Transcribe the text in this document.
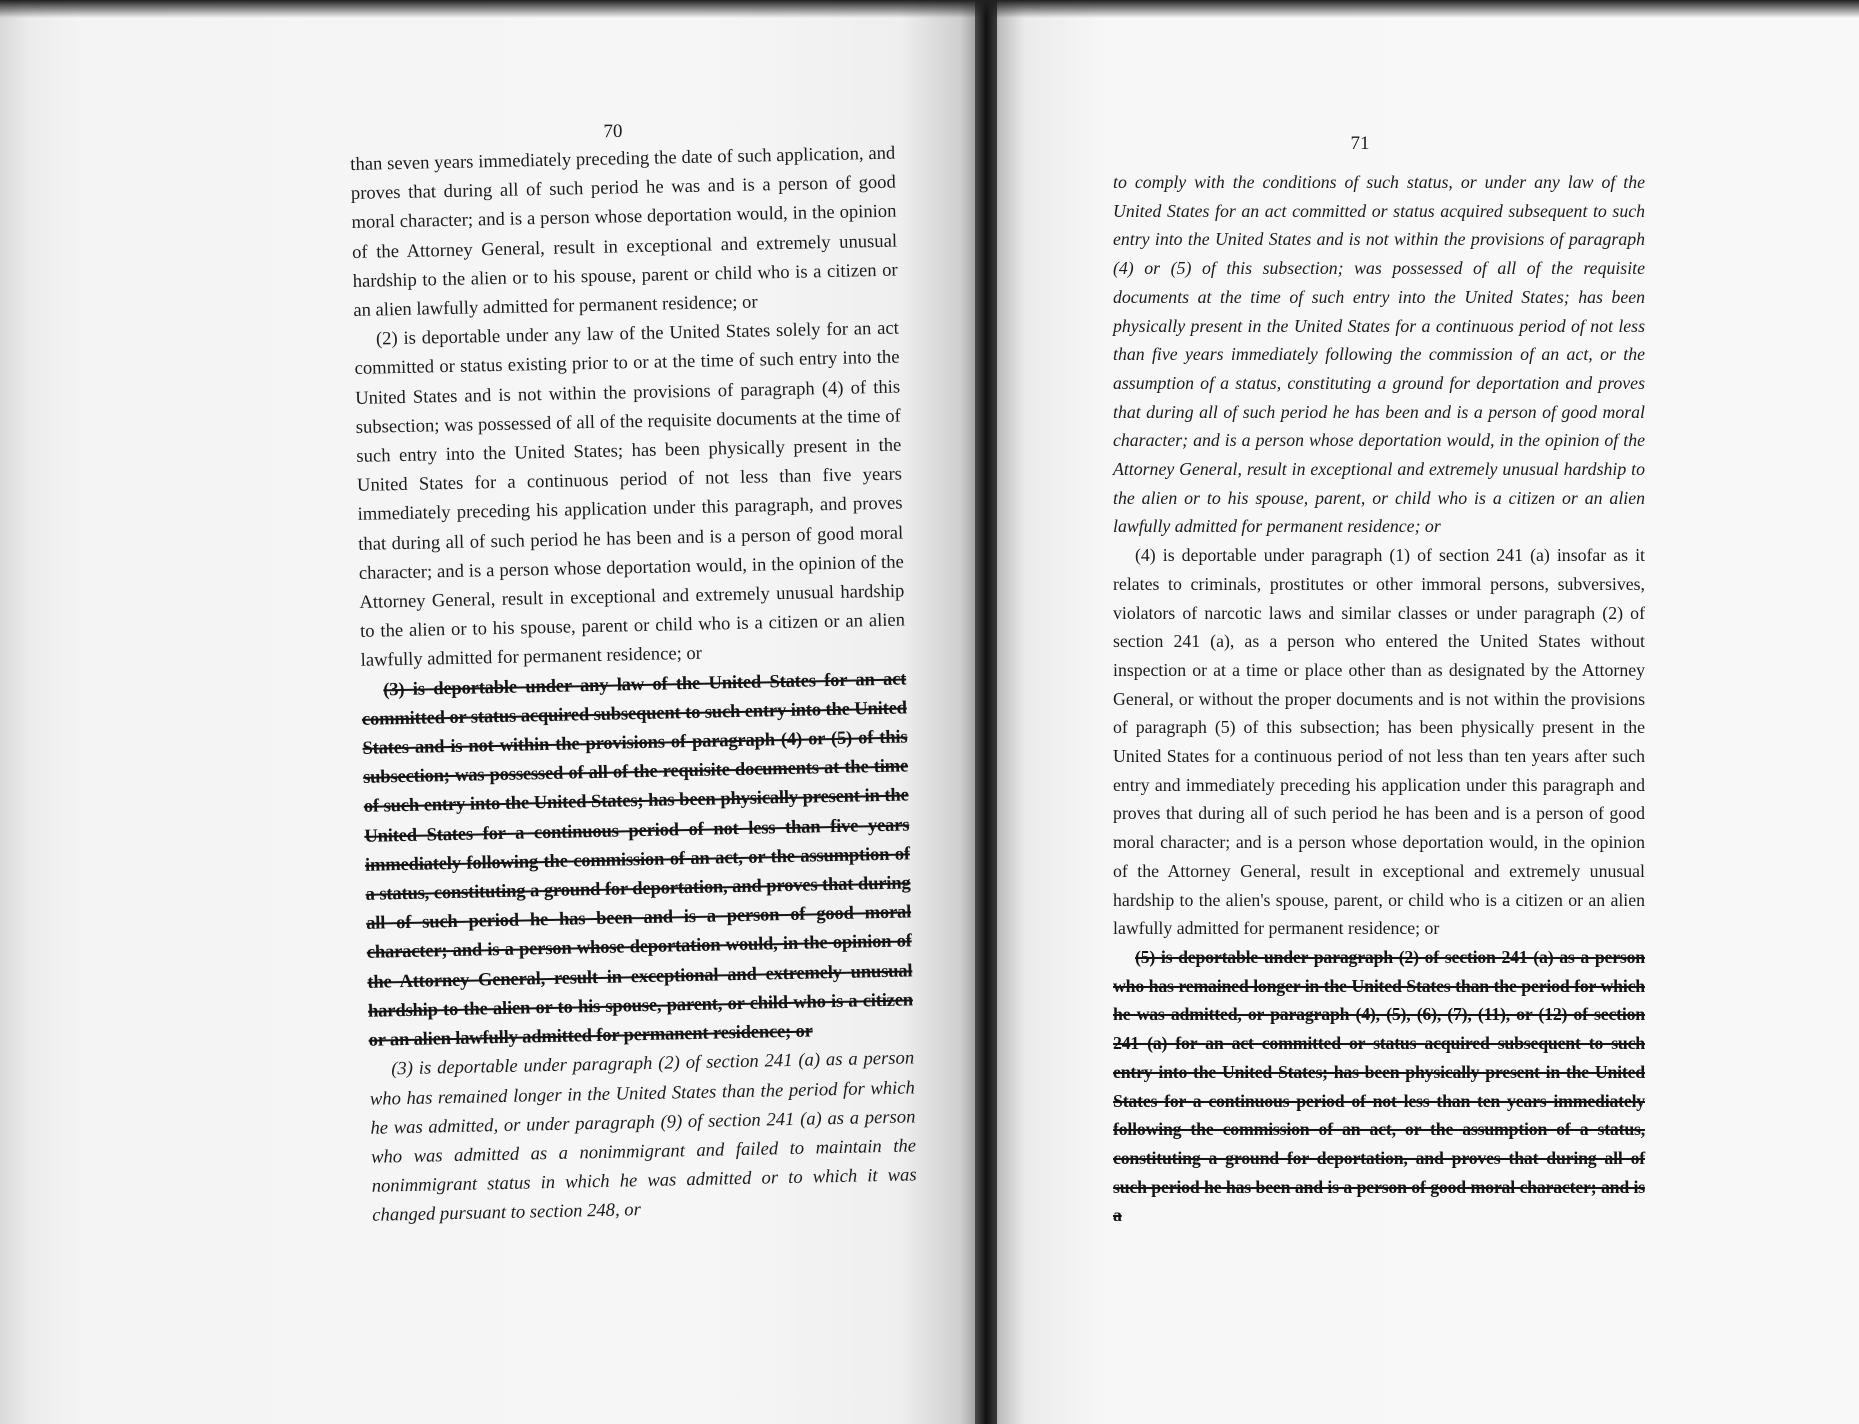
70

than seven years immediately preceding the date of such application, and proves that during all of such period he was and is a person of good moral character; and is a person whose deportation would, in the opinion of the Attorney General, result in exceptional and extremely unusual hardship to the alien or to his spouse, parent or child who is a citizen or an alien lawfully admitted for permanent residence; or

(2) is deportable under any law of the United States solely for an act committed or status existing prior to or at the time of such entry into the United States and is not within the provisions of paragraph (4) of this subsection; was possessed of all of the requisite documents at the time of such entry into the United States; has been physically present in the United States for a continuous period of not less than five years immediately preceding his application under this paragraph, and proves that during all of such period he has been and is a person of good moral character; and is a person whose deportation would, in the opinion of the Attorney General, result in exceptional and extremely unusual hardship to the alien or to his spouse, parent or child who is a citizen or an alien lawfully admitted for permanent residence; or

(3) is deportable under any law of the United States for an act committed or status acquired subsequent to such entry into the United States and is not within the provisions of paragraph (4) or (5) of this subsection; was possessed of all of the requisite documents at the time of such entry into the United States; has been physically present in the United States for a continuous period of not less than five years immediately following the commission of an act, or the assumption of a status, constituting a ground for deportation, and proves that during all of such period he has been and is a person of good moral character; and is a person whose deportation would, in the opinion of the Attorney General, result in exceptional and extremely unusual hardship to the alien or to his spouse, parent, or child who is a citizen or an alien lawfully admitted for permanent residence; or

(3) is deportable under paragraph (2) of section 241 (a) as a person who has remained longer in the United States than the period for which he was admitted, or under paragraph (9) of section 241 (a) as a person who was admitted as a nonimmigrant and failed to maintain the nonimmigrant status in which he was admitted or to which it was changed pursuant to section 248, or

71

to comply with the conditions of such status, or under any law of the United States for an act committed or status acquired subsequent to such entry into the United States and is not within the provisions of paragraph (4) or (5) of this subsection; was possessed of all of the requisite documents at the time of such entry into the United States; has been physically present in the United States for a continuous period of not less than five years immediately following the commission of an act, or the assumption of a status, constituting a ground for deportation and proves that during all of such period he has been and is a person of good moral character; and is a person whose deportation would, in the opinion of the Attorney General, result in exceptional and extremely unusual hardship to the alien or to his spouse, parent, or child who is a citizen or an alien lawfully admitted for permanent residence; or

(4) is deportable under paragraph (1) of section 241 (a) insofar as it relates to criminals, prostitutes or other immoral persons, subversives, violators of narcotic laws and similar classes or under paragraph (2) of section 241 (a), as a person who entered the United States without inspection or at a time or place other than as designated by the Attorney General, or without the proper documents and is not within the provisions of paragraph (5) of this subsection; has been physically present in the United States for a continuous period of not less than ten years after such entry and immediately preceding his application under this paragraph and proves that during all of such period he has been and is a person of good moral character; and is a person whose deportation would, in the opinion of the Attorney General, result in exceptional and extremely unusual hardship to the alien's spouse, parent, or child who is a citizen or an alien lawfully admitted for permanent residence; or

(5) is deportable under paragraph (2) of section 241 (a) as a person who has remained longer in the United States than the period for which he was admitted, or paragraph (4), (5), (6), (7), (11), or (12) of section 241 (a) for an act committed or status acquired subsequent to such entry into the United States; has been physically present in the United States for a continuous period of not less than ten years immediately following the commission of an act, or the assumption of a status, constituting a ground for deportation, and proves that during all of such period he has been and is a person of good moral character; and is a
